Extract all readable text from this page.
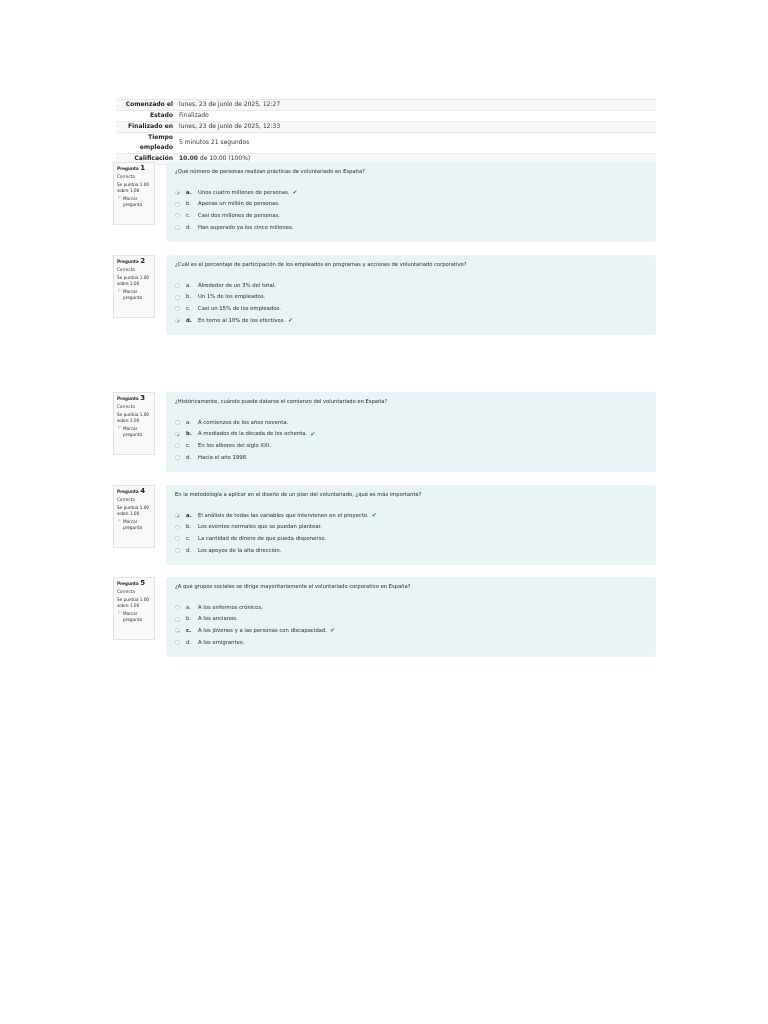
Comenzado el	lunes, 23 de junio de 2025, 12:27
Estado	Finalizado
Finalizado en	lunes, 23 de junio de 2025, 12:33
Tiempo empleado	5 minutos 21 segundos
Calificación	10.00 de 10.00 (100%)
Pregunta 1
Correcta
Se puntúa 1.00 sobre 1.00
⚐ Marcar pregunta
¿Qué número de personas realizan prácticas de voluntariado en España?
a.	Unos cuatro millones de personas. ✔
b.	Apenas un millón de personas.
c.	Casi dos millones de personas.
d.	Han superado ya los cinco millones.
Pregunta 2
Correcta
Se puntúa 1.00 sobre 1.00
⚐ Marcar pregunta
¿Cuál es el porcentaje de participación de los empleados en programas y acciones de voluntariado corporativo?
a.	Alrededor de un 3% del total.
b.	Un 1% de los empleados.
c.	Casi un 15% de los empleados.
d.	En torno al 10% de los efectivos. ✔
Pregunta 3
Correcta
Se puntúa 1.00 sobre 1.00
⚐ Marcar pregunta
¿Históricamente, cuándo puede datarse el comienzo del voluntariado en España?
a.	A comienzos de los años noventa.
b.	A mediados de la década de los ochenta. ✔
c.	En los albores del siglo XXI.
d.	Hacia el año 1998.
Pregunta 4
Correcta
Se puntúa 1.00 sobre 1.00
⚐ Marcar pregunta
En la metodología a aplicar en el diseño de un plan del voluntariado, ¿qué es más importante?
a.	El análisis de todas las variables que intervienen en el proyecto. ✔
b.	Los eventos normales que se puedan plantear.
c.	La cantidad de dinero de que pueda disponerse.
d.	Los apoyos de la alta dirección.
Pregunta 5
Correcta
Se puntúa 1.00 sobre 1.00
⚐ Marcar pregunta
¿A qué grupos sociales se dirige mayoritariamente el voluntariado corporativo en España?
a.	A los enfermos crónicos.
b.	A los ancianos.
c.	A los jóvenes y a las personas con discapacidad. ✔
d.	A los emigrantes.
